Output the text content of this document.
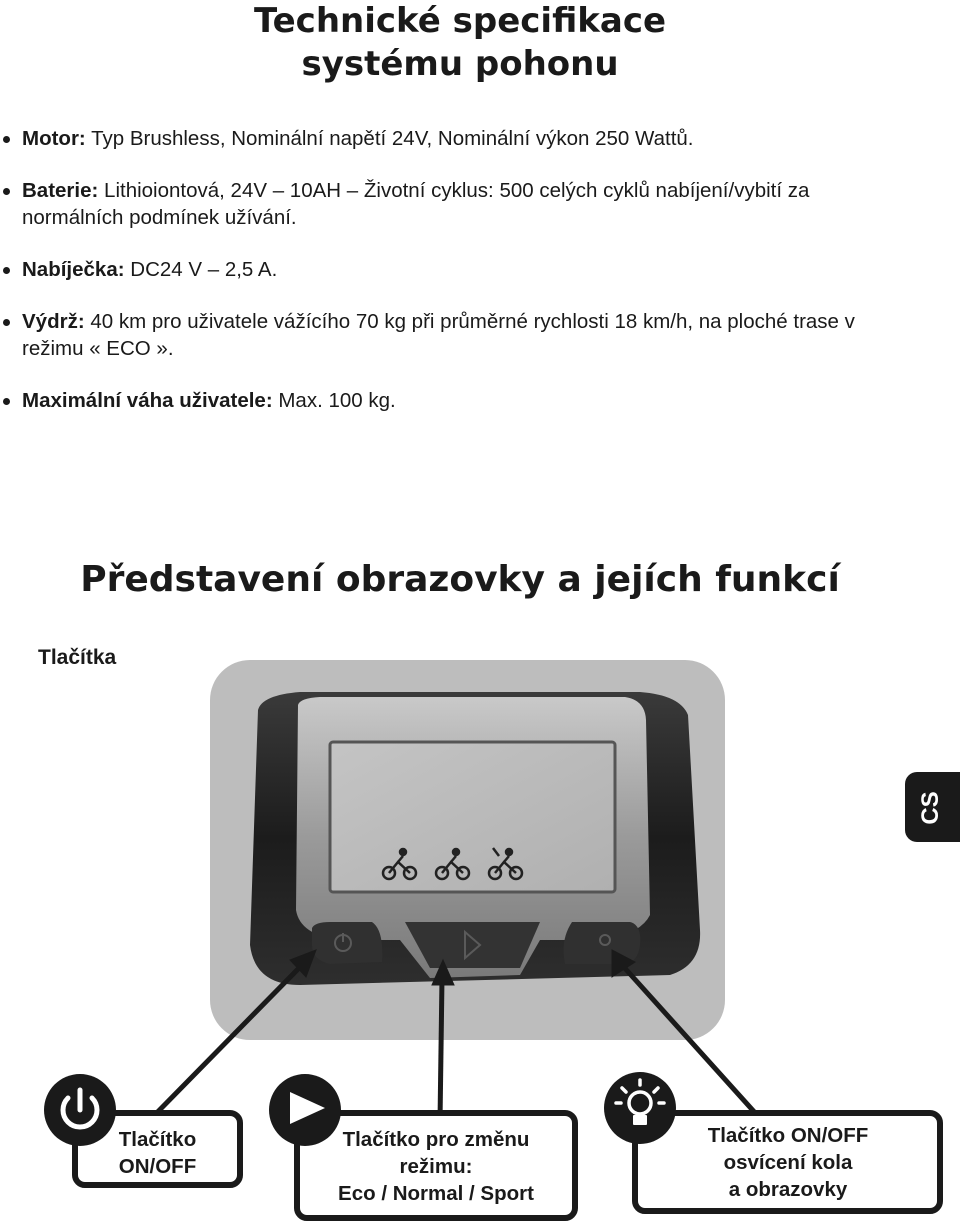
Technické specifikace
systému pohonu
Motor: Typ Brushless, Nominální napětí 24V, Nominální výkon 250 Wattů.
Baterie: Lithioiontová, 24V – 10AH – Životní cyklus: 500 celých cyklů nabíjení/vybití za normálních podmínek užívání.
Nabíječka: DC24 V – 2,5 A.
Výdrž: 40 km pro uživatele vážícího 70 kg při průměrné rychlosti 18 km/h, na ploché trase v režimu « ECO ».
Maximální váha uživatele: Max. 100 kg.
Představení obrazovky a jejích funkcí
Tlačítka
CS
Tlačítko
ON/OFF
Tlačítko pro změnu
režimu:
Eco / Normal / Sport
Tlačítko ON/OFF
osvícení kola
a obrazovky
